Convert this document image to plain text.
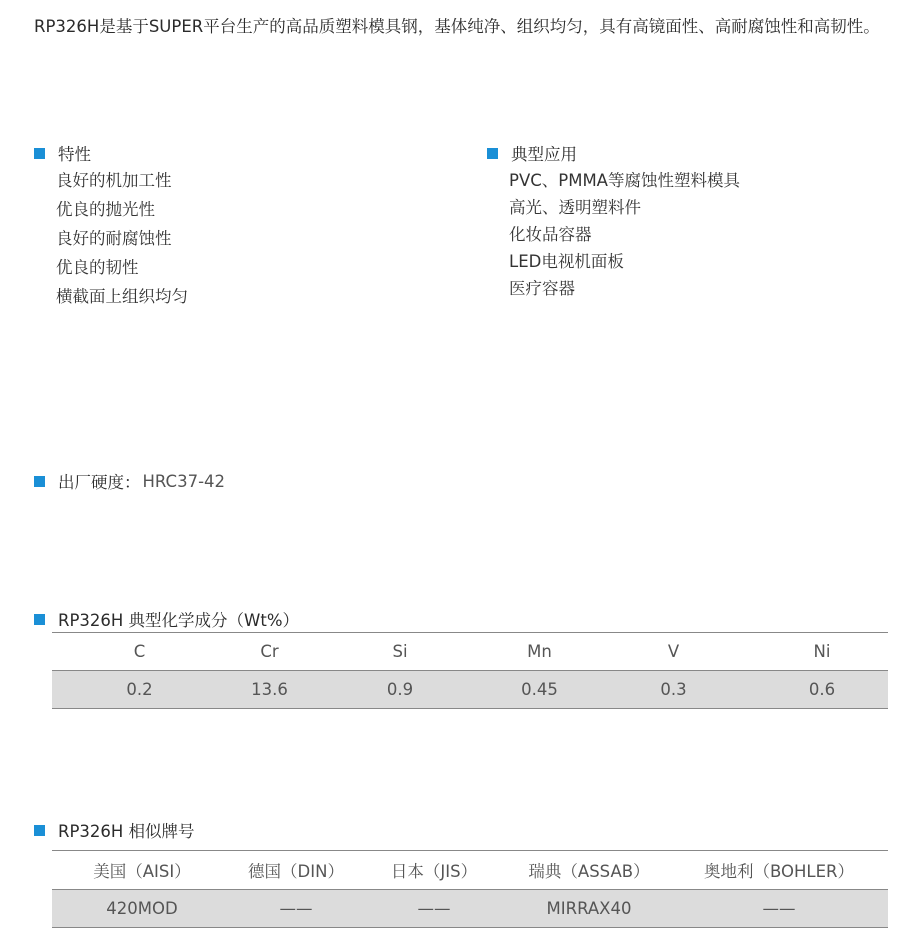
RP326H是基于SUPER平台生产的高品质塑料模具钢，基体纯净、组织均匀，具有高镜面性、高耐腐蚀性和高韧性。
特性
良好的机加工性
优良的抛光性
良好的耐腐蚀性
优良的韧性
横截面上组织均匀
典型应用
PVC、PMMA等腐蚀性塑料模具
高光、透明塑料件
化妆品容器
LED电视机面板
医疗容器
出厂硬度： HRC37-42
RP326H 典型化学成分（Wt%）
C	Cr	Si	Mn	V	Ni
0.2	13.6	0.9	0.45	0.3	0.6
RP326H 相似牌号
美国（AISI）	德国（DIN）	日本（JIS）	瑞典（ASSAB）	奥地利（BOHLER）
420MOD	——	——	MIRRAX40	——
